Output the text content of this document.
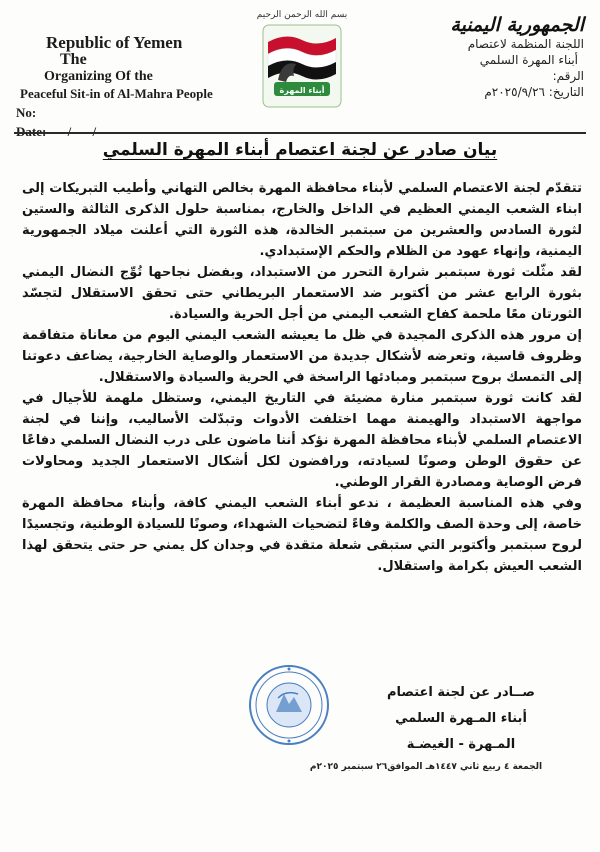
Republic of Yemen
The
Organizing Of the
Peaceful Sit-in of Al-Mahra People
No:
Date: / /
بسم الله الرحمن الرحيم
أبناء المهرة
الجمهورية اليمنية
اللجنة المنظمة لاعتصام
أبناء المهرة السلمي
الرقم:
التاريخ: ٢٠٢٥/٩/٢٦م
بيان صادر عن لجنة اعتصام أبناء المهرة السلمي

تتقدّم لجنة الاعتصام السلمي لأبناء محافظة المهرة بخالص التهاني وأطيب التبريكات إلى ابناء الشعب اليمني العظيم في الداخل والخارج، بمناسبة حلول الذكرى الثالثة والستين لثورة السادس والعشرين من سبتمبر الخالدة، هذه الثورة التي أعلنت ميلاد الجمهورية اليمنية، وإنهاء عهود من الظلام والحكم الإستبدادي.

لقد مثّلت ثورة سبتمبر شرارة التحرر من الاستبداد، وبفضل نجاحها تُوِّج النضال اليمني بثورة الرابع عشر من أكتوبر ضد الاستعمار البريطاني حتى تحقق الاستقلال لتجسّد الثورتان معًا ملحمة كفاح الشعب اليمني من أجل الحرية والسيادة.

إن مرور هذه الذكرى المجيدة في ظل ما يعيشه الشعب اليمني اليوم من معاناة متفاقمة وظروف قاسية، وتعرضه لأشكال جديدة من الاستعمار والوصاية الخارجية، يضاعف دعوتنا إلى التمسك بروح سبتمبر ومبادئها الراسخة في الحرية والسيادة والاستقلال.

لقد كانت ثورة سبتمبر منارة مضيئة في التاريخ اليمني، وستظل ملهمة للأجيال في مواجهة الاستبداد والهيمنة مهما اختلفت الأدوات وتبدّلت الأساليب، وإننا في لجنة الاعتصام السلمي لأبناء محافظة المهرة نؤكد أننا ماضون على درب النضال السلمي دفاعًا عن حقوق الوطن وصونًا لسيادته، ورافضون لكل أشكال الاستعمار الجديد ومحاولات فرض الوصاية ومصادرة القرار الوطني.

وفي هذه المناسبة العظيمة ، ندعو أبناء الشعب اليمني كافة، وأبناء محافظة المهرة خاصة، إلى وحدة الصف والكلمة وفاءً لتضحيات الشهداء، وصونًا للسيادة الوطنية، وتجسيدًا لروح سبتمبر وأكتوبر التي ستبقى شعلة متقدة في وجدان كل يمني حر حتى يتحقق لهذا الشعب العيش بكرامة واستقلال.

صــادر عن لجنة اعتصام
أبناء المـهرة السلمي
المـهرة - الغيضـة
الجمعة ٤ ربيع ثاني ١٤٤٧هـ الموافق٢٦ سبتمبر ٢٠٢٥م
